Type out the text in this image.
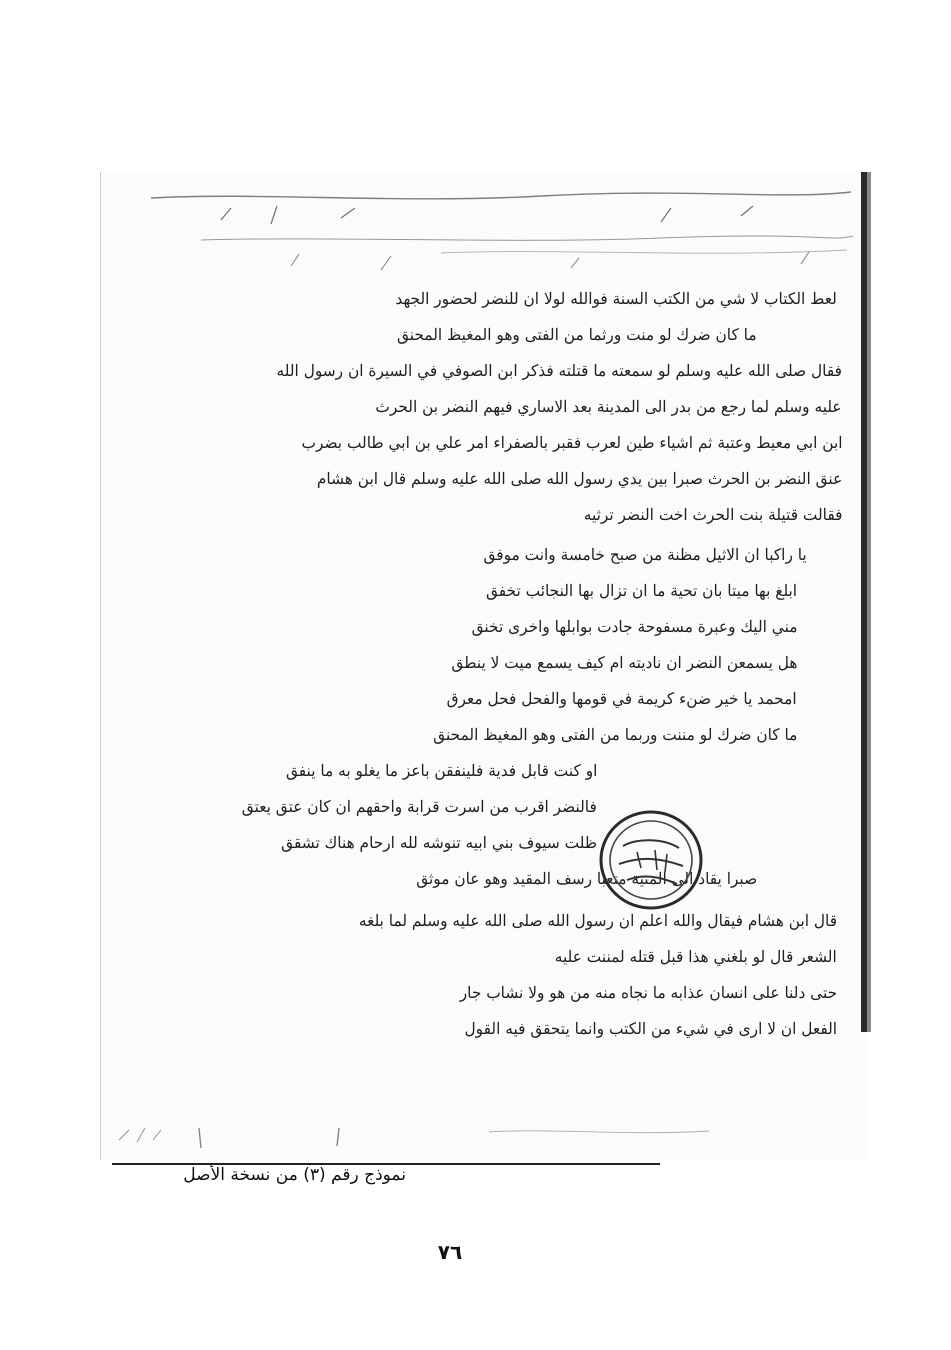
لعط الكتاب لا شي من الكتب السنة فوالله لولا ان للنضر لحضور الجهد
ما كان ضرك لو منت ورثما من الفتى وهو المغيظ المحنق
فقال صلى الله عليه وسلم لو سمعته ما قتلته فذكر ابن الصوفي في السيرة ان رسول الله
عليه وسلم لما رجع من بدر الى المدينة بعد الاساري فيهم النضر بن الحرث
ابن ابي معيط وعتبة ثم اشياء طين لعرب فقبر بالصفراء امر علي بن ابي طالب بضرب
عنق النضر بن الحرث صبرا بين يدي رسول الله صلى الله عليه وسلم قال ابن هشام
فقالت قتيلة بنت الحرث اخت النضر ترثيه
يا راكبا ان الاثيل مظنة من صبح خامسة وانت موفق
ابلغ بها ميتا بان تحية ما ان تزال بها النجائب تخفق
مني اليك وعبرة مسفوحة جادت بوابلها واخرى تخنق
هل يسمعن النضر ان ناديته ام كيف يسمع ميت لا ينطق
امحمد يا خير ضنء كريمة في قومها والفحل فحل معرق
ما كان ضرك لو مننت وربما من الفتى وهو المغيظ المحنق
او كنت قابل فدية فلينفقن باعز ما يغلو به ما ينفق
فالنضر اقرب من اسرت قرابة واحقهم ان كان عتق يعتق
ظلت سيوف بني ابيه تنوشه لله ارحام هناك تشقق
صبرا يقاد الى المنية متعبا رسف المقيد وهو عان موثق
قال ابن هشام فيقال والله اعلم ان رسول الله صلى الله عليه وسلم لما بلغه
الشعر قال لو بلغني هذا قبل قتله لمننت عليه
حتى دلنا على انسان عذابه ما نجاه منه من هو ولا نشاب جار
الفعل ان لا ارى في شيء من الكتب وانما يتحقق فيه القول
نموذج رقم (٣) من نسخة الأصل
٧٦
